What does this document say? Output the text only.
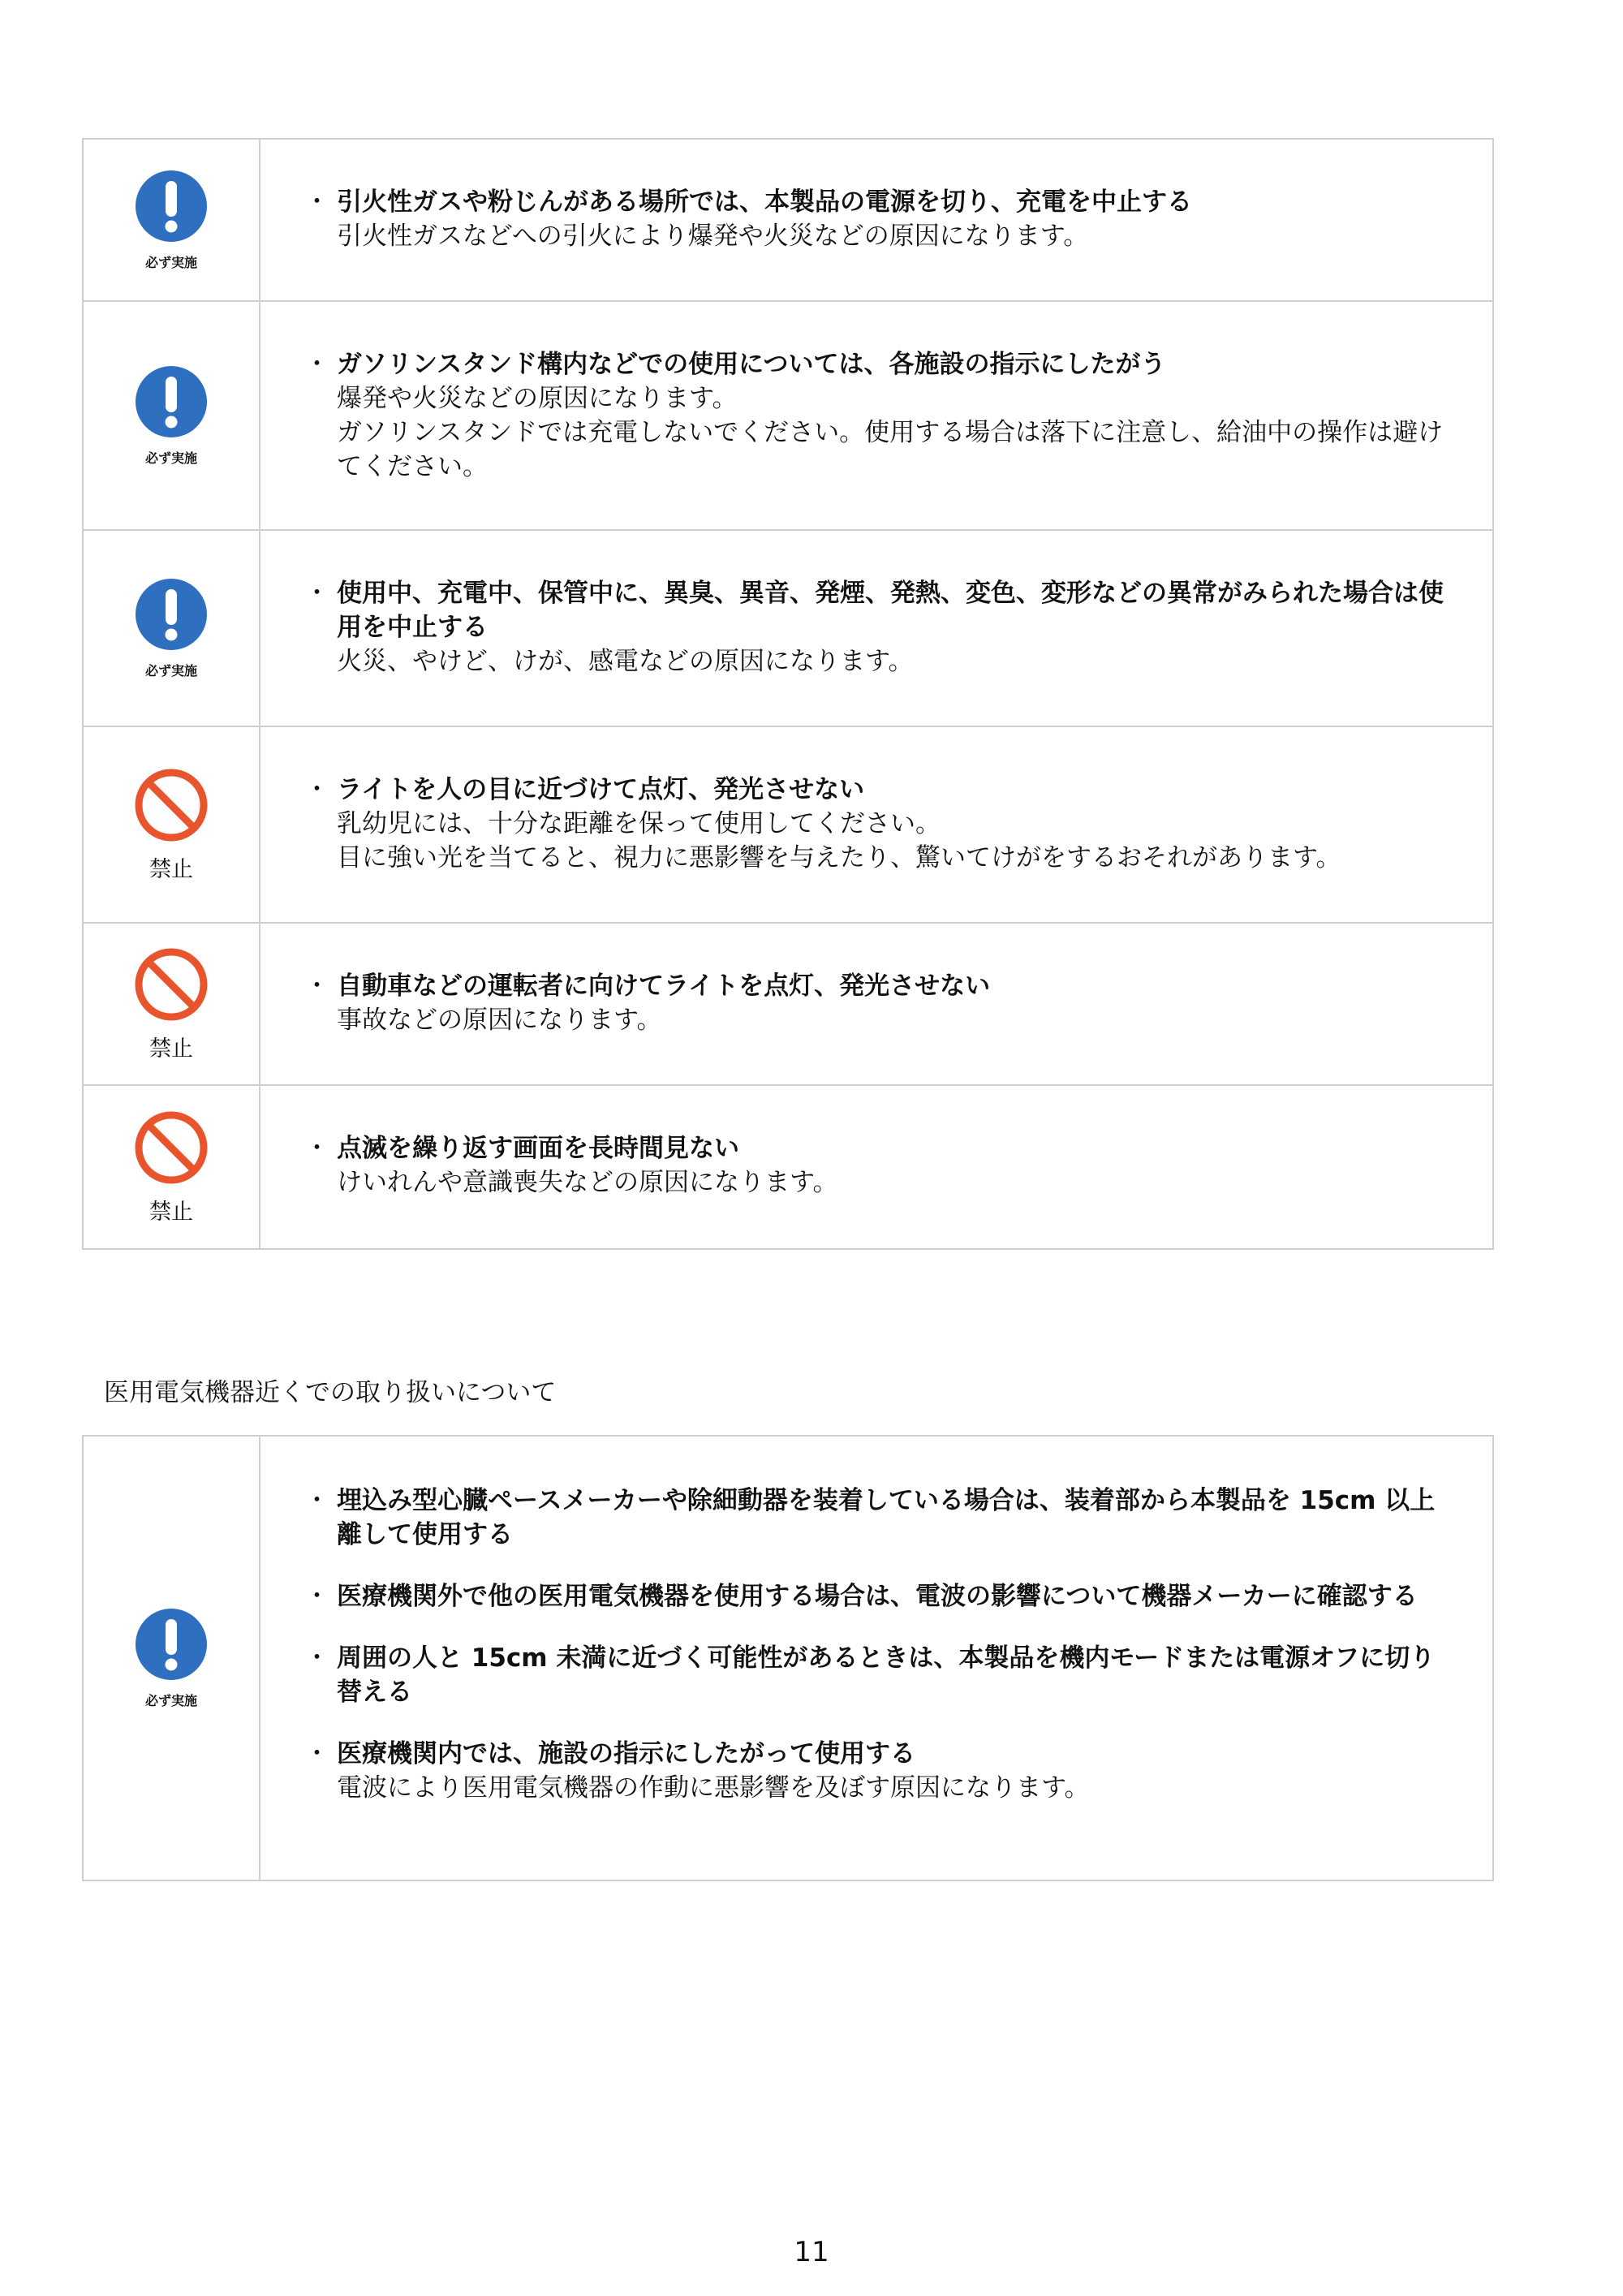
必ず実施
・ 引火性ガスや粉じんがある場所では、本製品の電源を切り、充電を中止する
引火性ガスなどへの引火により爆発や火災などの原因になります。
必ず実施
・ ガソリンスタンド構内などでの使用については、各施設の指示にしたがう
爆発や火災などの原因になります。
ガソリンスタンドでは充電しないでください。使用する場合は落下に注意し、給油中の操作は避けてください。
必ず実施
・ 使用中、充電中、保管中に、異臭、異音、発煙、発熱、変色、変形などの異常がみられた場合は使用を中止する
火災、やけど、けが、感電などの原因になります。
禁止
・ ライトを人の目に近づけて点灯、発光させない
乳幼児には、十分な距離を保って使用してください。
目に強い光を当てると、視力に悪影響を与えたり、驚いてけがをするおそれがあります。
禁止
・ 自動車などの運転者に向けてライトを点灯、発光させない
事故などの原因になります。
禁止
・ 点滅を繰り返す画面を長時間見ない
けいれんや意識喪失などの原因になります。
医用電気機器近くでの取り扱いについて
必ず実施
・ 埋込み型心臓ペースメーカーや除細動器を装着している場合は、装着部から本製品を 15cm 以上離して使用する
・ 医療機関外で他の医用電気機器を使用する場合は、電波の影響について機器メーカーに確認する
・ 周囲の人と 15cm 未満に近づく可能性があるときは、本製品を機内モードまたは電源オフに切り替える
・ 医療機関内では、施設の指示にしたがって使用する
電波により医用電気機器の作動に悪影響を及ぼす原因になります。
11
